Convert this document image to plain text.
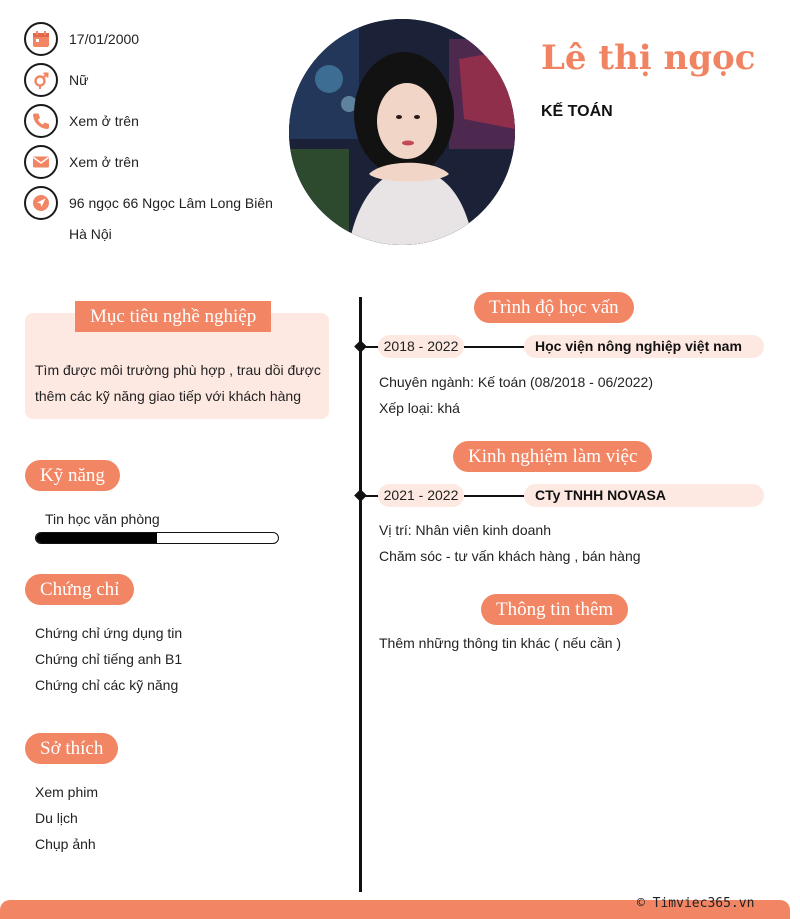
17/01/2000
Nữ
Xem ở trên
Xem ở trên
96 ngọc 66 Ngọc Lâm Long Biên
Hà Nội
Lê thị ngọc
KẾ TOÁN
Mục tiêu nghề nghiệp
Tìm được môi trường phù hợp , trau dồi được
thêm các kỹ năng giao tiếp với khách hàng
Kỹ năng
Tin học văn phòng
Chứng chỉ
Chứng chỉ ứng dụng tin
Chứng chỉ tiếng anh B1
Chứng chỉ các kỹ năng
Sở thích
Xem phim
Du lịch
Chụp ảnh
Trình độ học vấn
2018 - 2022	Học viện nông nghiệp việt nam
Chuyên ngành: Kế toán (08/2018 - 06/2022)
Xếp loại: khá
Kinh nghiệm làm việc
2021 - 2022	CTy TNHH NOVASA
Vị trí: Nhân viên kinh doanh
Chăm sóc - tư vấn khách hàng , bán hàng
Thông tin thêm
Thêm những thông tin khác ( nếu cần )
© Timviec365.vn
